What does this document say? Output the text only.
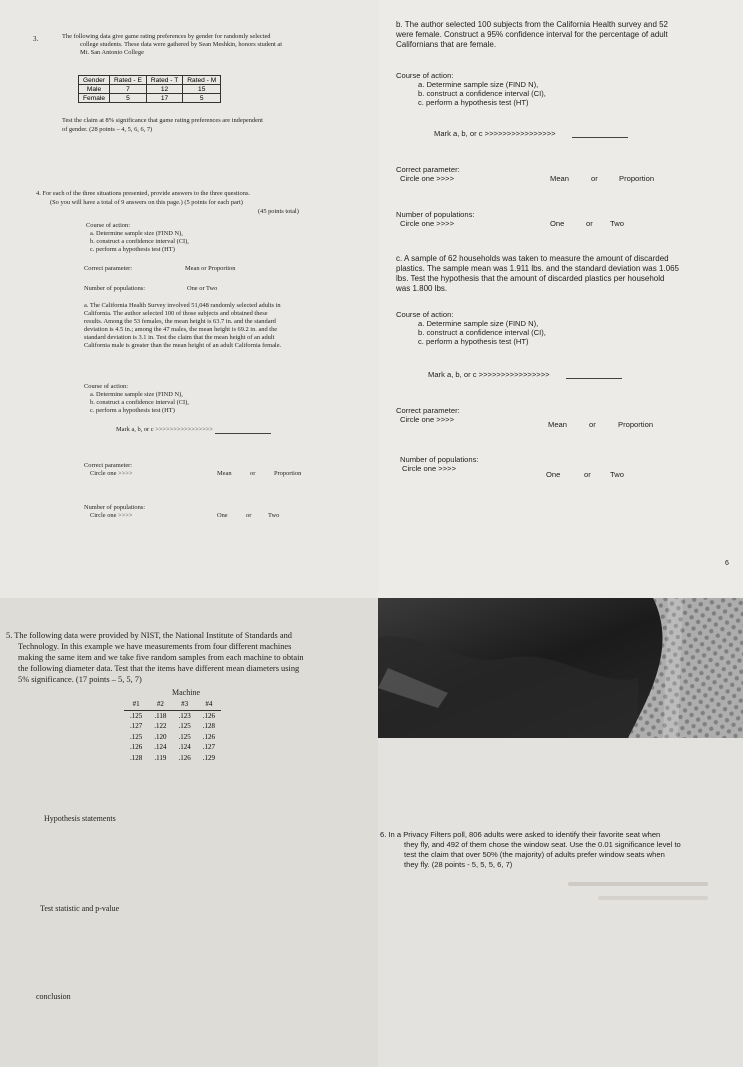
3.	The following data give game rating preferences by gender for randomly selected
college students. These data were gathered by Sean Meshkin, honors student at
Mt. San Antonio College
Gender	Rated - E	Rated - T	Rated - M
Male	7	12	15
Female	5	17	5
Test the claim at 8% significance that game rating preferences are independent
of gender. (28 points – 4, 5, 6, 6, 7)
4. For each of the three situations presented, provide answers to the three questions.
(So you will have a total of 9 answers on this page.) (5 points for each part)
(45 points total)
Course of action:
a. Determine sample size (FIND N),
b. construct a confidence interval (CI),
c. perform a hypothesis test (HT)
Correct parameter:	Mean or Proportion
Number of populations:	One or Two
a. The California Health Survey involved 51,048 randomly selected adults in
California. The author selected 100 of those subjects and obtained these
results. Among the 53 females, the mean height is 63.7 in. and the standard
deviation is 4.5 in.; among the 47 males, the mean height is 69.2 in. and the
standard deviation is 3.1 in. Test the claim that the mean height of an adult
California male is greater than the mean height of an adult California female.
Course of action:
a. Determine sample size (FIND N),
b. construct a confidence interval (CI),
c. perform a hypothesis test (HT)
Mark a, b, or c >>>>>>>>>>>>>>>>
Correct parameter:
Circle one >>>>	Mean	or	Proportion
Number of populations:
Circle one >>>>	One	or	Two
b. The author selected 100 subjects from the California Health survey and 52
were female. Construct a 95% confidence interval for the percentage of adult
Californians that are female.
Course of action:
a. Determine sample size (FIND N),
b. construct a confidence interval (CI),
c. perform a hypothesis test (HT)
Mark a, b, or c >>>>>>>>>>>>>>>>
Correct parameter:
Circle one >>>>	Mean	or	Proportion
Number of populations:
Circle one >>>>	One	or Two
c. A sample of 62 households was taken to measure the amount of discarded
plastics. The sample mean was 1.911 lbs. and the standard deviation was 1.065
lbs. Test the hypothesis that the amount of discarded plastics per household
was 1.800 lbs.
Course of action:
a. Determine sample size (FIND N),
b. construct a confidence interval (CI),
c. perform a hypothesis test (HT)
Mark a, b, or c >>>>>>>>>>>>>>>>
Correct parameter:
Circle one >>>>
Mean	or	Proportion
Number of populations:
Circle one >>>>
One	or	Two
6
5. The following data were provided by NIST, the National Institute of Standards and
Technology. In this example we have measurements from four different machines
making the same item and we take five random samples from each machine to obtain
the following diameter data. Test that the items have different mean diameters using
5% significance. (17 points – 5, 5, 7)
Machine
#1	#2	#3	#4
.125	.118	.123	.126
.127	.122	.125	.128
.125	.120	.125	.126
.126	.124	.124	.127
.128	.119	.126	.129
Hypothesis statements
Test statistic and p-value
conclusion
6. In a Privacy Filters poll, 806 adults were asked to identify their favorite seat when
they fly, and 492 of them chose the window seat. Use the 0.01 significance level to
test the claim that over 50% (the majority) of adults prefer window seats when
they fly. (28 points - 5, 5, 5, 6, 7)
